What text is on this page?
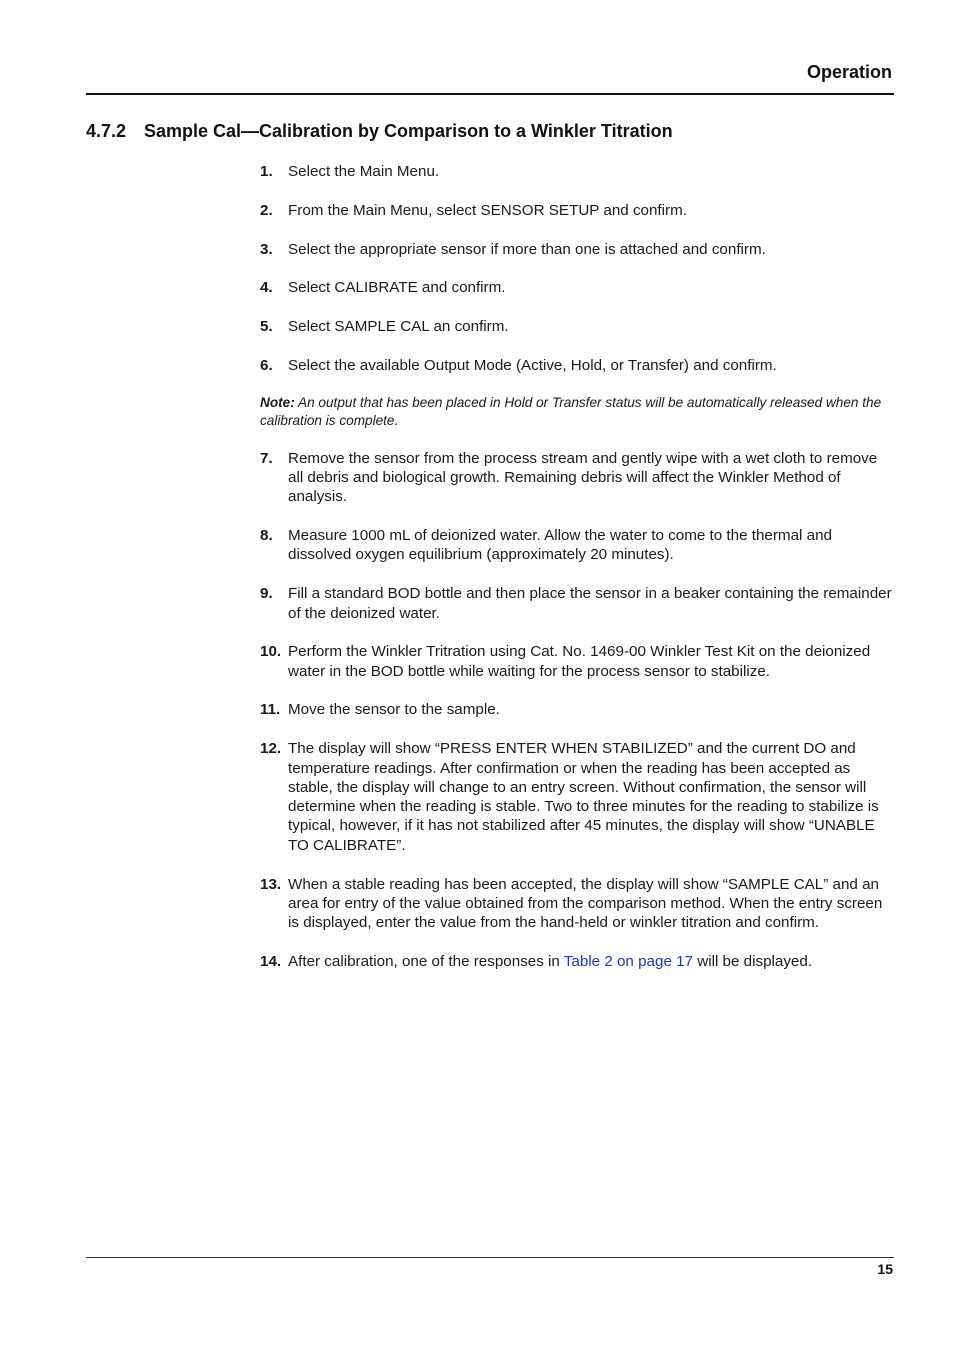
Operation
4.7.2 Sample Cal—Calibration by Comparison to a Winkler Titration
1. Select the Main Menu.
2. From the Main Menu, select SENSOR SETUP and confirm.
3. Select the appropriate sensor if more than one is attached and confirm.
4. Select CALIBRATE and confirm.
5. Select SAMPLE CAL an confirm.
6. Select the available Output Mode (Active, Hold, or Transfer) and confirm.
Note: An output that has been placed in Hold or Transfer status will be automatically released when the calibration is complete.
7. Remove the sensor from the process stream and gently wipe with a wet cloth to remove all debris and biological growth. Remaining debris will affect the Winkler Method of analysis.
8. Measure 1000 mL of deionized water. Allow the water to come to the thermal and dissolved oxygen equilibrium (approximately 20 minutes).
9. Fill a standard BOD bottle and then place the sensor in a beaker containing the remainder of the deionized water.
10. Perform the Winkler Tritration using Cat. No. 1469-00 Winkler Test Kit on the deionized water in the BOD bottle while waiting for the process sensor to stabilize.
11. Move the sensor to the sample.
12. The display will show “PRESS ENTER WHEN STABILIZED” and the current DO and temperature readings. After confirmation or when the reading has been accepted as stable, the display will change to an entry screen. Without confirmation, the sensor will determine when the reading is stable. Two to three minutes for the reading to stabilize is typical, however, if it has not stabilized after 45 minutes, the display will show “UNABLE TO CALIBRATE”.
13. When a stable reading has been accepted, the display will show “SAMPLE CAL” and an area for entry of the value obtained from the comparison method. When the entry screen is displayed, enter the value from the hand-held or winkler titration and confirm.
14. After calibration, one of the responses in Table 2 on page 17 will be displayed.
15
